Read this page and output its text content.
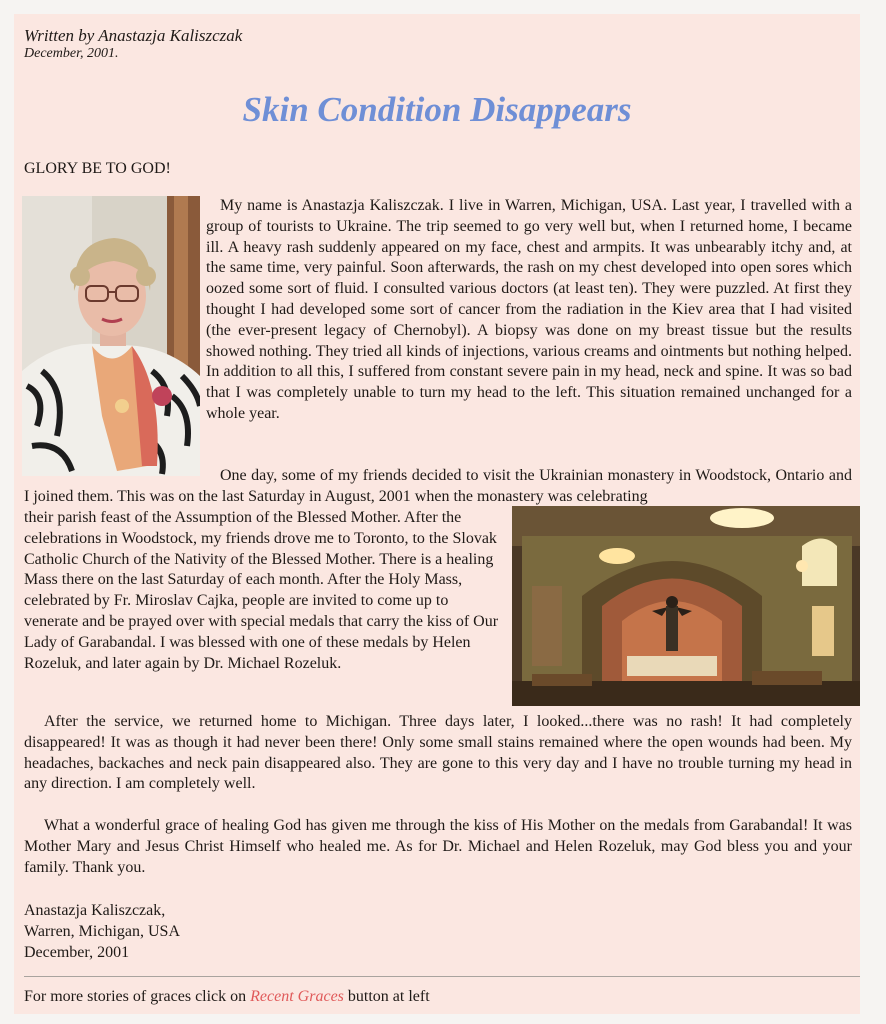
Written by Anastazja Kaliszczak
December, 2001.
Skin Condition Disappears
GLORY BE TO GOD!

My name is Anastazja Kaliszczak. I live in Warren, Michigan, USA. Last year, I travelled with a group of tourists to Ukraine. The trip seemed to go very well but, when I returned home, I became ill. A heavy rash suddenly appeared on my face, chest and armpits. It was unbearably itchy and, at the same time, very painful. Soon afterwards, the rash on my chest developed into open sores which oozed some sort of fluid. I consulted various doctors (at least ten). They were puzzled. At first they thought I had developed some sort of cancer from the radiation in the Kiev area that I had visited (the ever-present legacy of Chernobyl). A biopsy was done on my breast tissue but the results showed nothing. They tried all kinds of injections, various creams and ointments but nothing helped. In addition to all this, I suffered from constant severe pain in my head, neck and spine. It was so bad that I was completely unable to turn my head to the left. This situation remained unchanged for a whole year.

One day, some of my friends decided to visit the Ukrainian monastery in Woodstock, Ontario and I joined them. This was on the last Saturday in August, 2001 when the monastery was celebrating

their parish feast of the Assumption of the Blessed Mother. After the celebrations in Woodstock, my friends drove me to Toronto, to the Slovak Catholic Church of the Nativity of the Blessed Mother. There is a healing Mass there on the last Saturday of each month. After the Holy Mass, celebrated by Fr. Miroslav Cajka, people are invited to come up to venerate and be prayed over with special medals that carry the kiss of Our Lady of Garabandal. I was blessed with one of these medals by Helen Rozeluk, and later again by Dr. Michael Rozeluk.

After the service, we returned home to Michigan. Three days later, I looked...there was no rash! It had completely disappeared! It was as though it had never been there! Only some small stains remained where the open wounds had been. My headaches, backaches and neck pain disappeared also. They are gone to this very day and I have no trouble turning my head in any direction. I am completely well.

What a wonderful grace of healing God has given me through the kiss of His Mother on the medals from Garabandal! It was Mother Mary and Jesus Christ Himself who healed me. As for Dr. Michael and Helen Rozeluk, may God bless you and your family. Thank you.

Anastazja Kaliszczak,
Warren, Michigan, USA
December, 2001
For more stories of graces click on Recent Graces button at left
